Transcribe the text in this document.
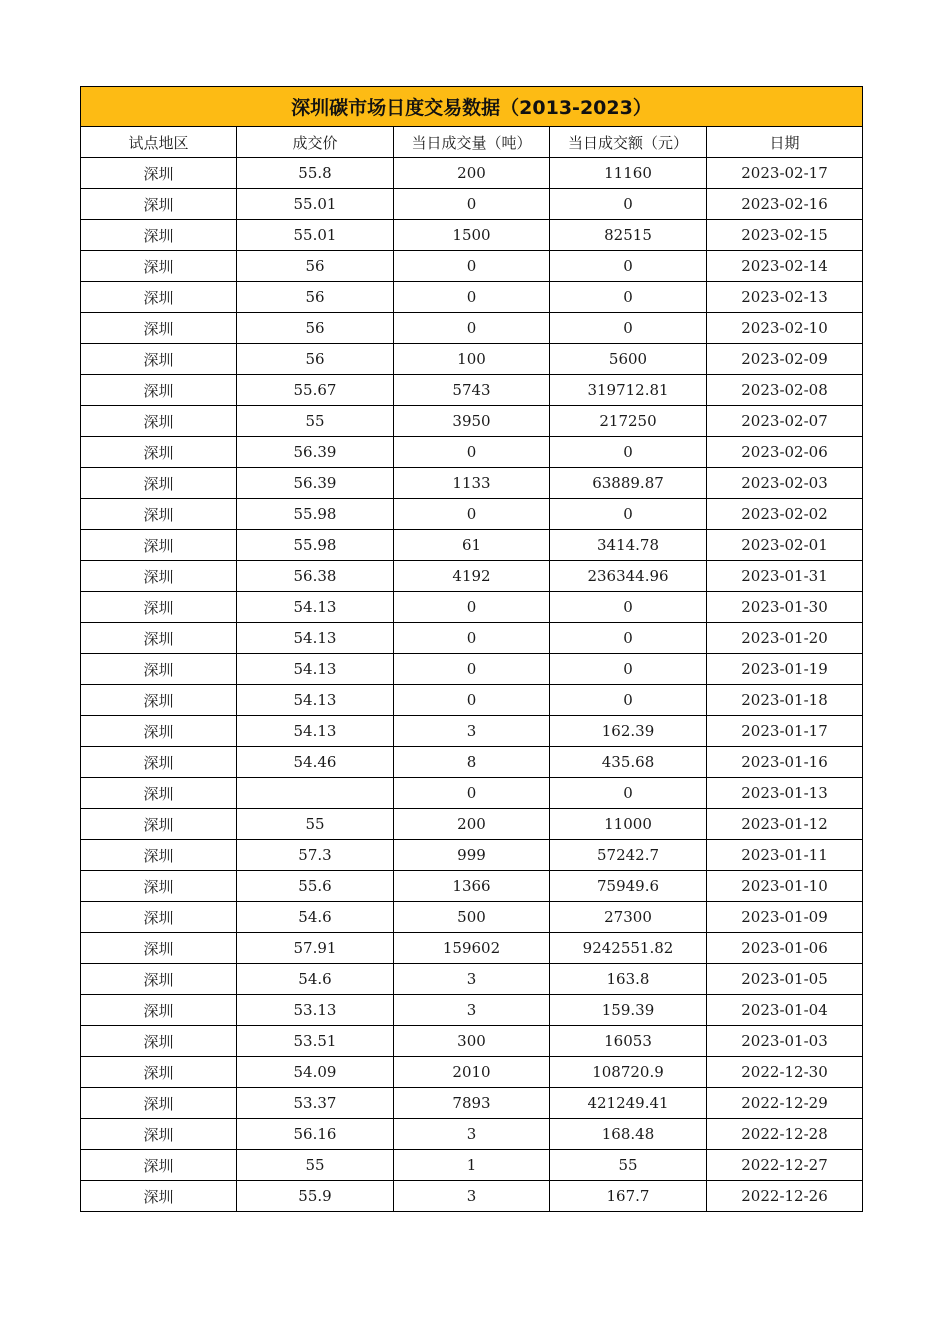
深圳碳市场日度交易数据（2013-2023）				
试点地区	成交价	当日成交量（吨）	当日成交额（元）	日期
深圳	55.8	200	11160	2023-02-17
深圳	55.01	0	0	2023-02-16
深圳	55.01	1500	82515	2023-02-15
深圳	56	0	0	2023-02-14
深圳	56	0	0	2023-02-13
深圳	56	0	0	2023-02-10
深圳	56	100	5600	2023-02-09
深圳	55.67	5743	319712.81	2023-02-08
深圳	55	3950	217250	2023-02-07
深圳	56.39	0	0	2023-02-06
深圳	56.39	1133	63889.87	2023-02-03
深圳	55.98	0	0	2023-02-02
深圳	55.98	61	3414.78	2023-02-01
深圳	56.38	4192	236344.96	2023-01-31
深圳	54.13	0	0	2023-01-30
深圳	54.13	0	0	2023-01-20
深圳	54.13	0	0	2023-01-19
深圳	54.13	0	0	2023-01-18
深圳	54.13	3	162.39	2023-01-17
深圳	54.46	8	435.68	2023-01-16
深圳		0	0	2023-01-13
深圳	55	200	11000	2023-01-12
深圳	57.3	999	57242.7	2023-01-11
深圳	55.6	1366	75949.6	2023-01-10
深圳	54.6	500	27300	2023-01-09
深圳	57.91	159602	9242551.82	2023-01-06
深圳	54.6	3	163.8	2023-01-05
深圳	53.13	3	159.39	2023-01-04
深圳	53.51	300	16053	2023-01-03
深圳	54.09	2010	108720.9	2022-12-30
深圳	53.37	7893	421249.41	2022-12-29
深圳	56.16	3	168.48	2022-12-28
深圳	55	1	55	2022-12-27
深圳	55.9	3	167.7	2022-12-26
